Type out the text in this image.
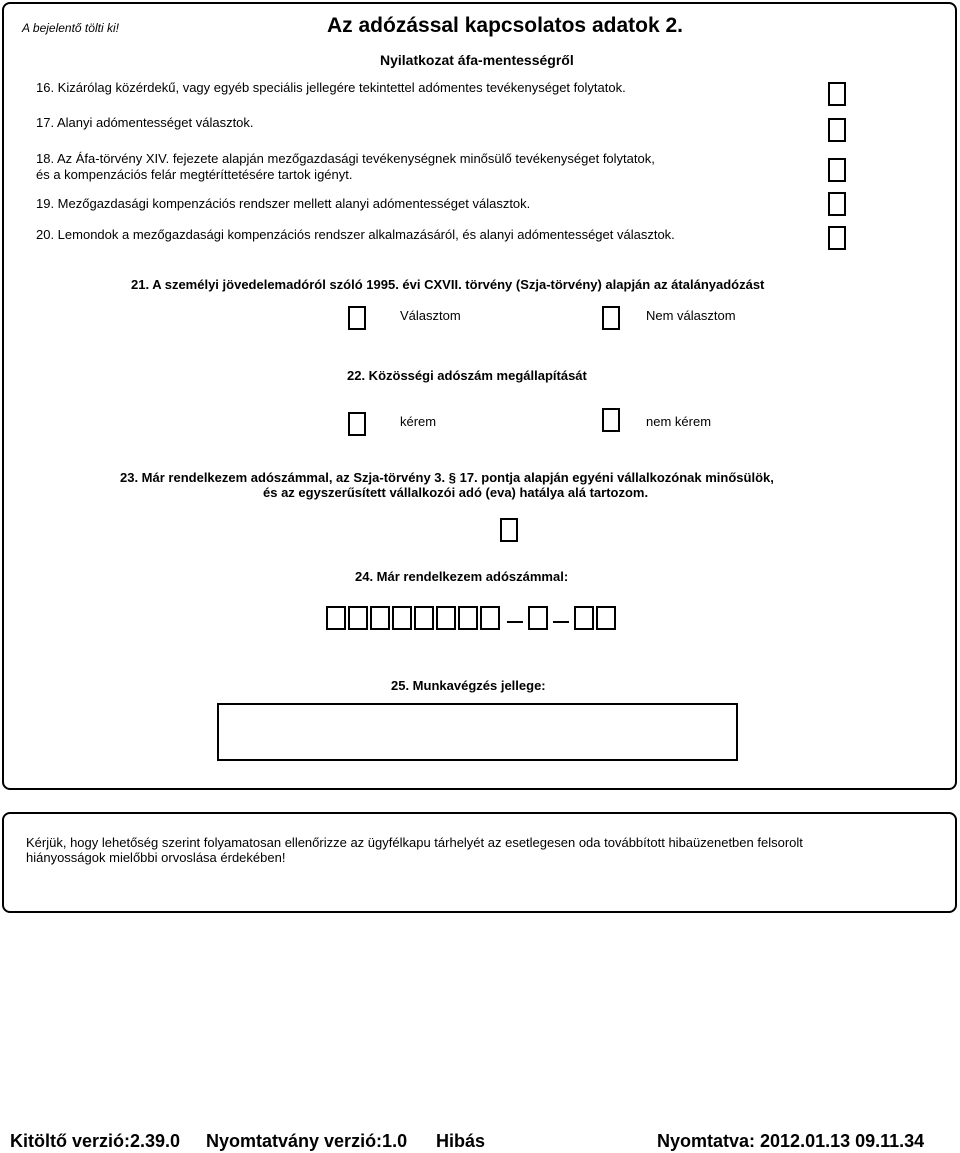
A bejelentő tölti ki!	Az adózással kapcsolatos adatok 2.
Nyilatkozat áfa-mentességről
16. Kizárólag közérdekű, vagy egyéb speciális jellegére tekintettel adómentes tevékenységet folytatok.
17. Alanyi adómentességet választok.
18. Az Áfa-törvény XIV. fejezete alapján mezőgazdasági tevékenységnek minősülő tevékenységet folytatok,
és a kompenzációs felár megtéríttetésére tartok igényt.
19. Mezőgazdasági kompenzációs rendszer mellett alanyi adómentességet választok.
20. Lemondok a mezőgazdasági kompenzációs rendszer alkalmazásáról, és alanyi adómentességet választok.
21. A személyi jövedelemadóról szóló 1995. évi CXVII. törvény (Szja-törvény) alapján az átalányadózást
Választom	Nem választom
22. Közösségi adószám megállapítását
kérem	nem kérem
23. Már rendelkezem adószámmal, az Szja-törvény 3. § 17. pontja alapján egyéni vállalkozónak minősülök,
és az egyszerűsített vállalkozói adó (eva) hatálya alá tartozom.
24. Már rendelkezem adószámmal:
25. Munkavégzés jellege:
Kérjük, hogy lehetőség szerint folyamatosan ellenőrizze az ügyfélkapu tárhelyét az esetlegesen oda továbbított hibaüzenetben felsorolt
hiányosságok mielőbbi orvoslása érdekében!
Kitöltő verzió:2.39.0 Nyomtatvány verzió:1.0 Hibás	Nyomtatva: 2012.01.13 09.11.34
